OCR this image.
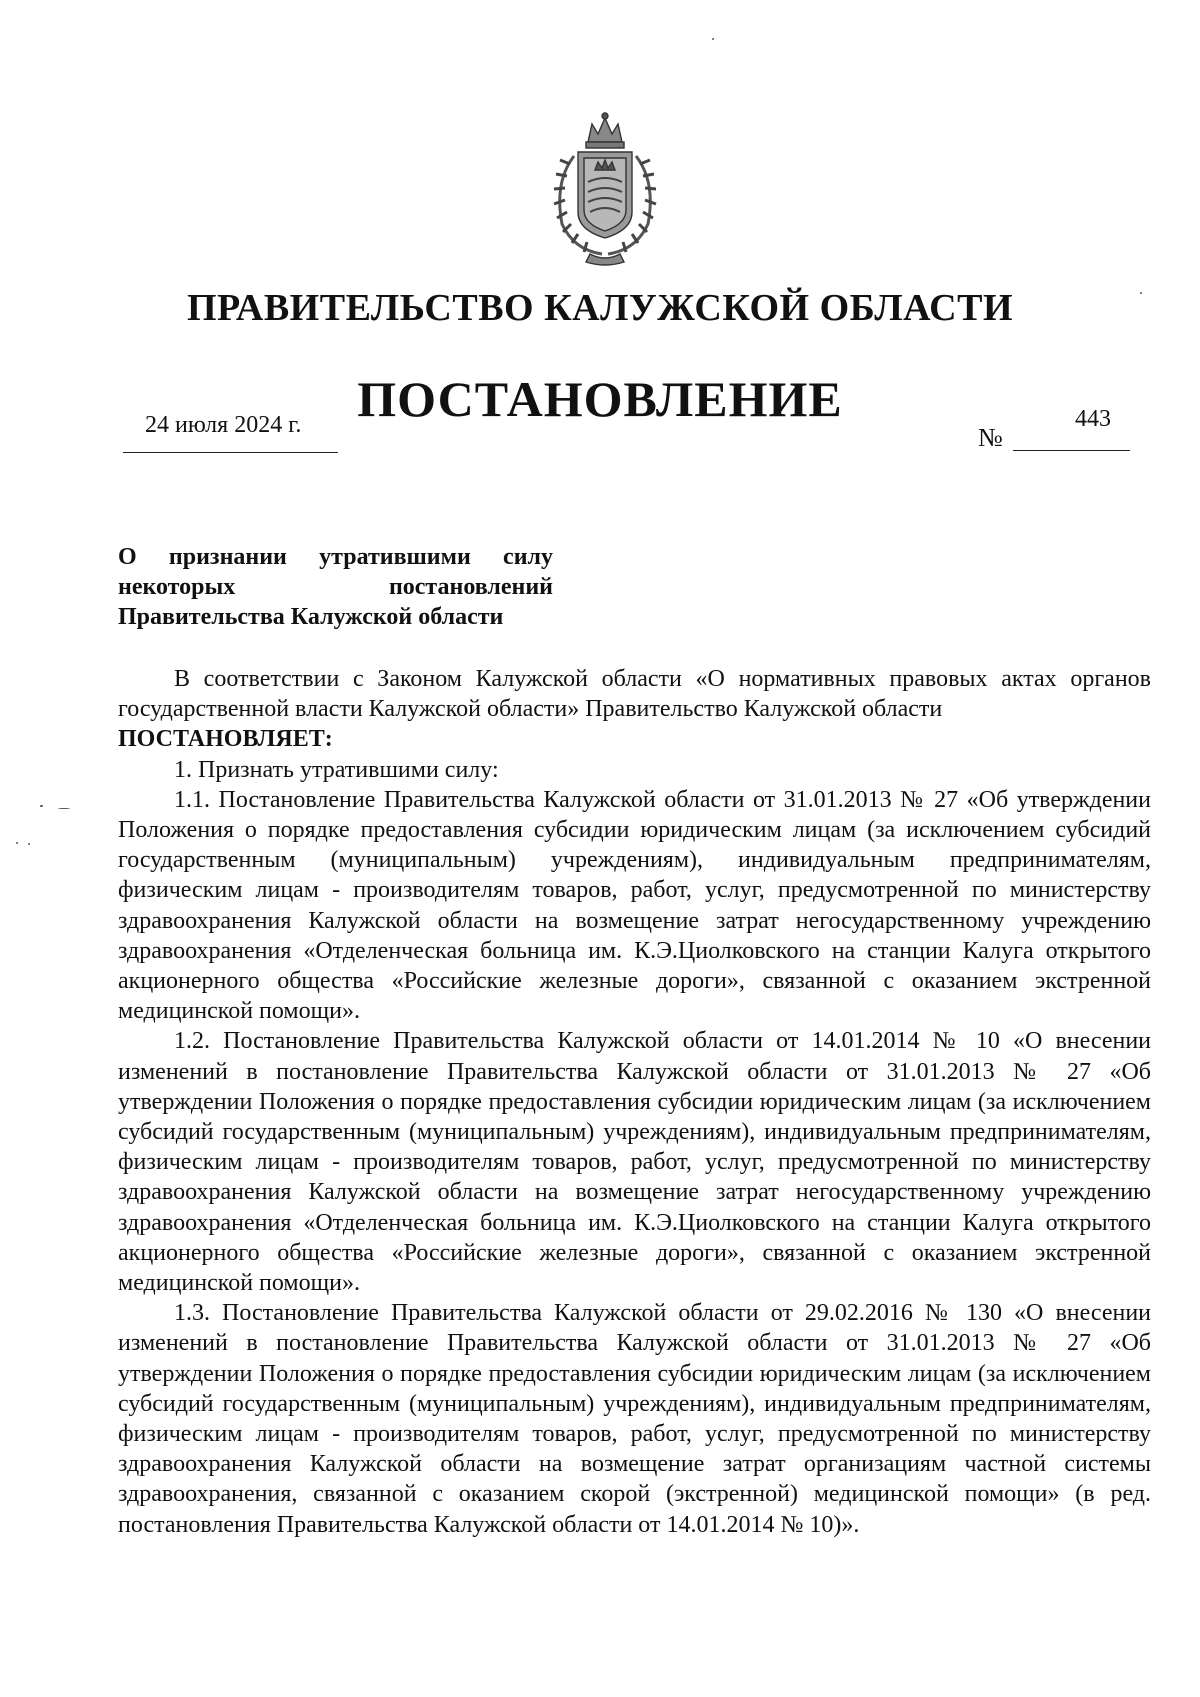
ПРАВИТЕЛЬСТВО КАЛУЖСКОЙ ОБЛАСТИ
ПОСТАНОВЛЕНИЕ
24 июля 2024 г.	№
443
О признании утратившими силу
некоторых постановлений
Правительства Калужской области

В соответствии с Законом Калужской области «О нормативных правовых актах органов государственной власти Калужской области» Правительство Калужской области

ПОСТАНОВЛЯЕТ:

1. Признать утратившими силу:

1.1. Постановление Правительства Калужской области от 31.01.2013 № 27 «Об утверждении Положения о порядке предоставления субсидии юридическим лицам (за исключением субсидий государственным (муниципальным) учреждениям), индивидуальным предпринимателям, физическим лицам - производителям товаров, работ, услуг, предусмотренной по министерству здравоохранения Калужской области на возмещение затрат негосударственному учреждению здравоохранения «Отделенческая больница им. К.Э.Циолковского на станции Калуга открытого акционерного общества «Российские железные дороги», связанной с оказанием экстренной медицинской помощи».

1.2. Постановление Правительства Калужской области от 14.01.2014 № 10 «О внесении изменений в постановление Правительства Калужской области от 31.01.2013 № 27 «Об утверждении Положения о порядке предоставления субсидии юридическим лицам (за исключением субсидий государственным (муниципальным) учреждениям), индивидуальным предпринимателям, физическим лицам - производителям товаров, работ, услуг, предусмотренной по министерству здравоохранения Калужской области на возмещение затрат негосударственному учреждению здравоохранения «Отделенческая больница им. К.Э.Циолковского на станции Калуга открытого акционерного общества «Российские железные дороги», связанной с оказанием экстренной медицинской помощи».

1.3. Постановление Правительства Калужской области от 29.02.2016 № 130 «О внесении изменений в постановление Правительства Калужской области от 31.01.2013 № 27 «Об утверждении Положения о порядке предоставления субсидии юридическим лицам (за исключением субсидий государственным (муниципальным) учреждениям), индивидуальным предпринимателям, физическим лицам - производителям товаров, работ, услуг, предусмотренной по министерству здравоохранения Калужской области на возмещение затрат организациям частной системы здравоохранения, связанной с оказанием скорой (экстренной) медицинской помощи» (в ред. постановления Правительства Калужской области от 14.01.2014 № 10)».
